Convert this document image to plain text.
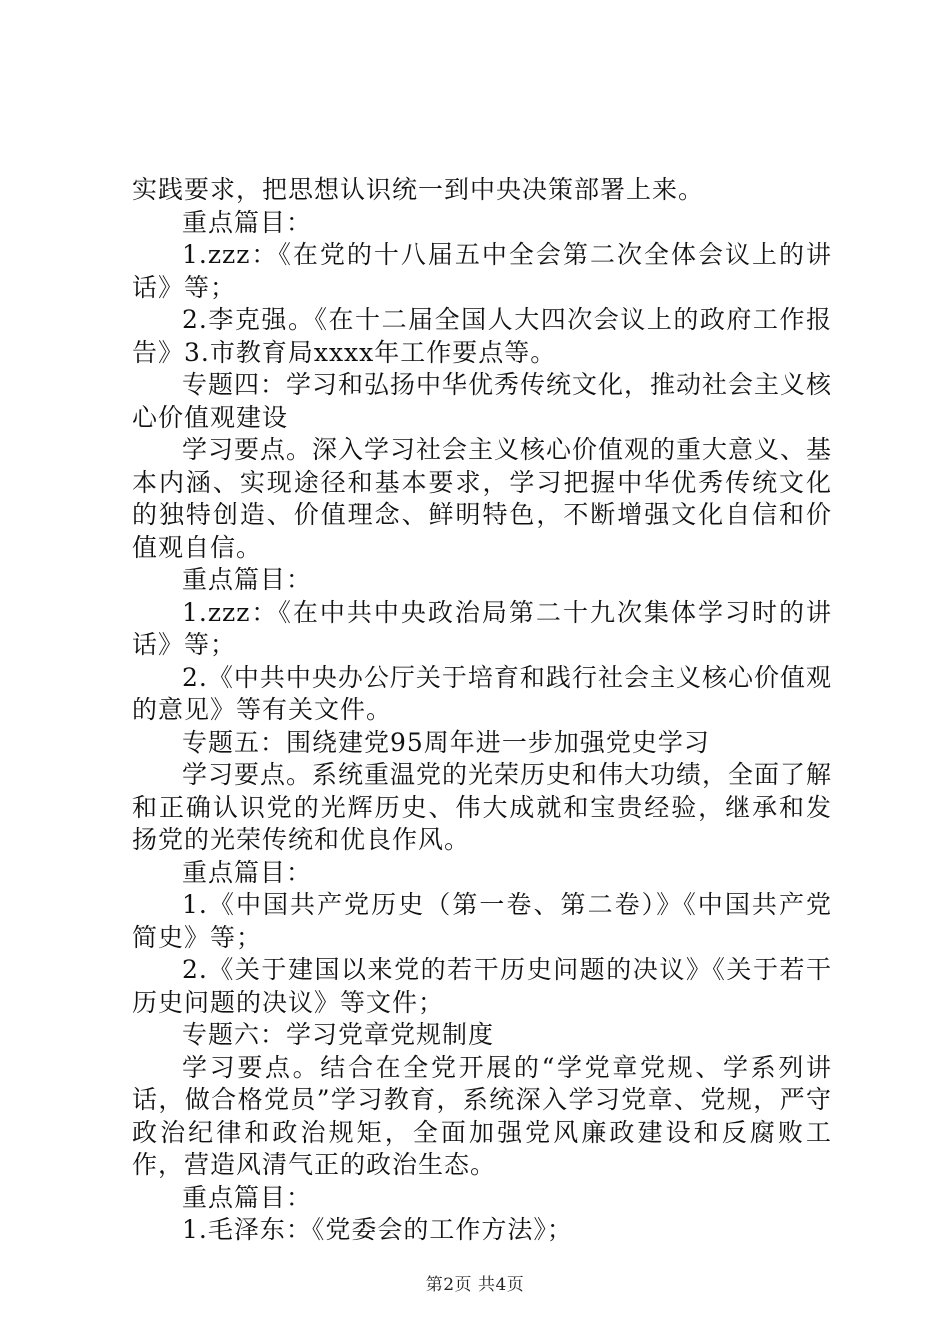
实践要求，把思想认识统一到中央决策部署上来。

重点篇目：

1.zzz：《在党的十八届五中全会第二次全体会议上的讲话》等；

2.李克强。《在十二届全国人大四次会议上的政府工作报告》3.市教育局xxxx年工作要点等。

专题四：学习和弘扬中华优秀传统文化，推动社会主义核心价值观建设

学习要点。深入学习社会主义核心价值观的重大意义、基本内涵、实现途径和基本要求，学习把握中华优秀传统文化的独特创造、价值理念、鲜明特色，不断增强文化自信和价值观自信。

重点篇目：

1.zzz：《在中共中央政治局第二十九次集体学习时的讲话》等；

2.《中共中央办公厅关于培育和践行社会主义核心价值观的意见》等有关文件。

专题五：围绕建党95周年进一步加强党史学习

学习要点。系统重温党的光荣历史和伟大功绩，全面了解和正确认识党的光辉历史、伟大成就和宝贵经验，继承和发扬党的光荣传统和优良作风。

重点篇目：

1.《中国共产党历史（第一卷、第二卷）》《中国共产党简史》等；

2.《关于建国以来党的若干历史问题的决议》《关于若干历史问题的决议》等文件；

专题六：学习党章党规制度

学习要点。结合在全党开展的“学党章党规、学系列讲话，做合格党员”学习教育，系统深入学习党章、党规，严守政治纪律和政治规矩，全面加强党风廉政建设和反腐败工作，营造风清气正的政治生态。

重点篇目：

1.毛泽东：《党委会的工作方法》；

第2页 共4页
